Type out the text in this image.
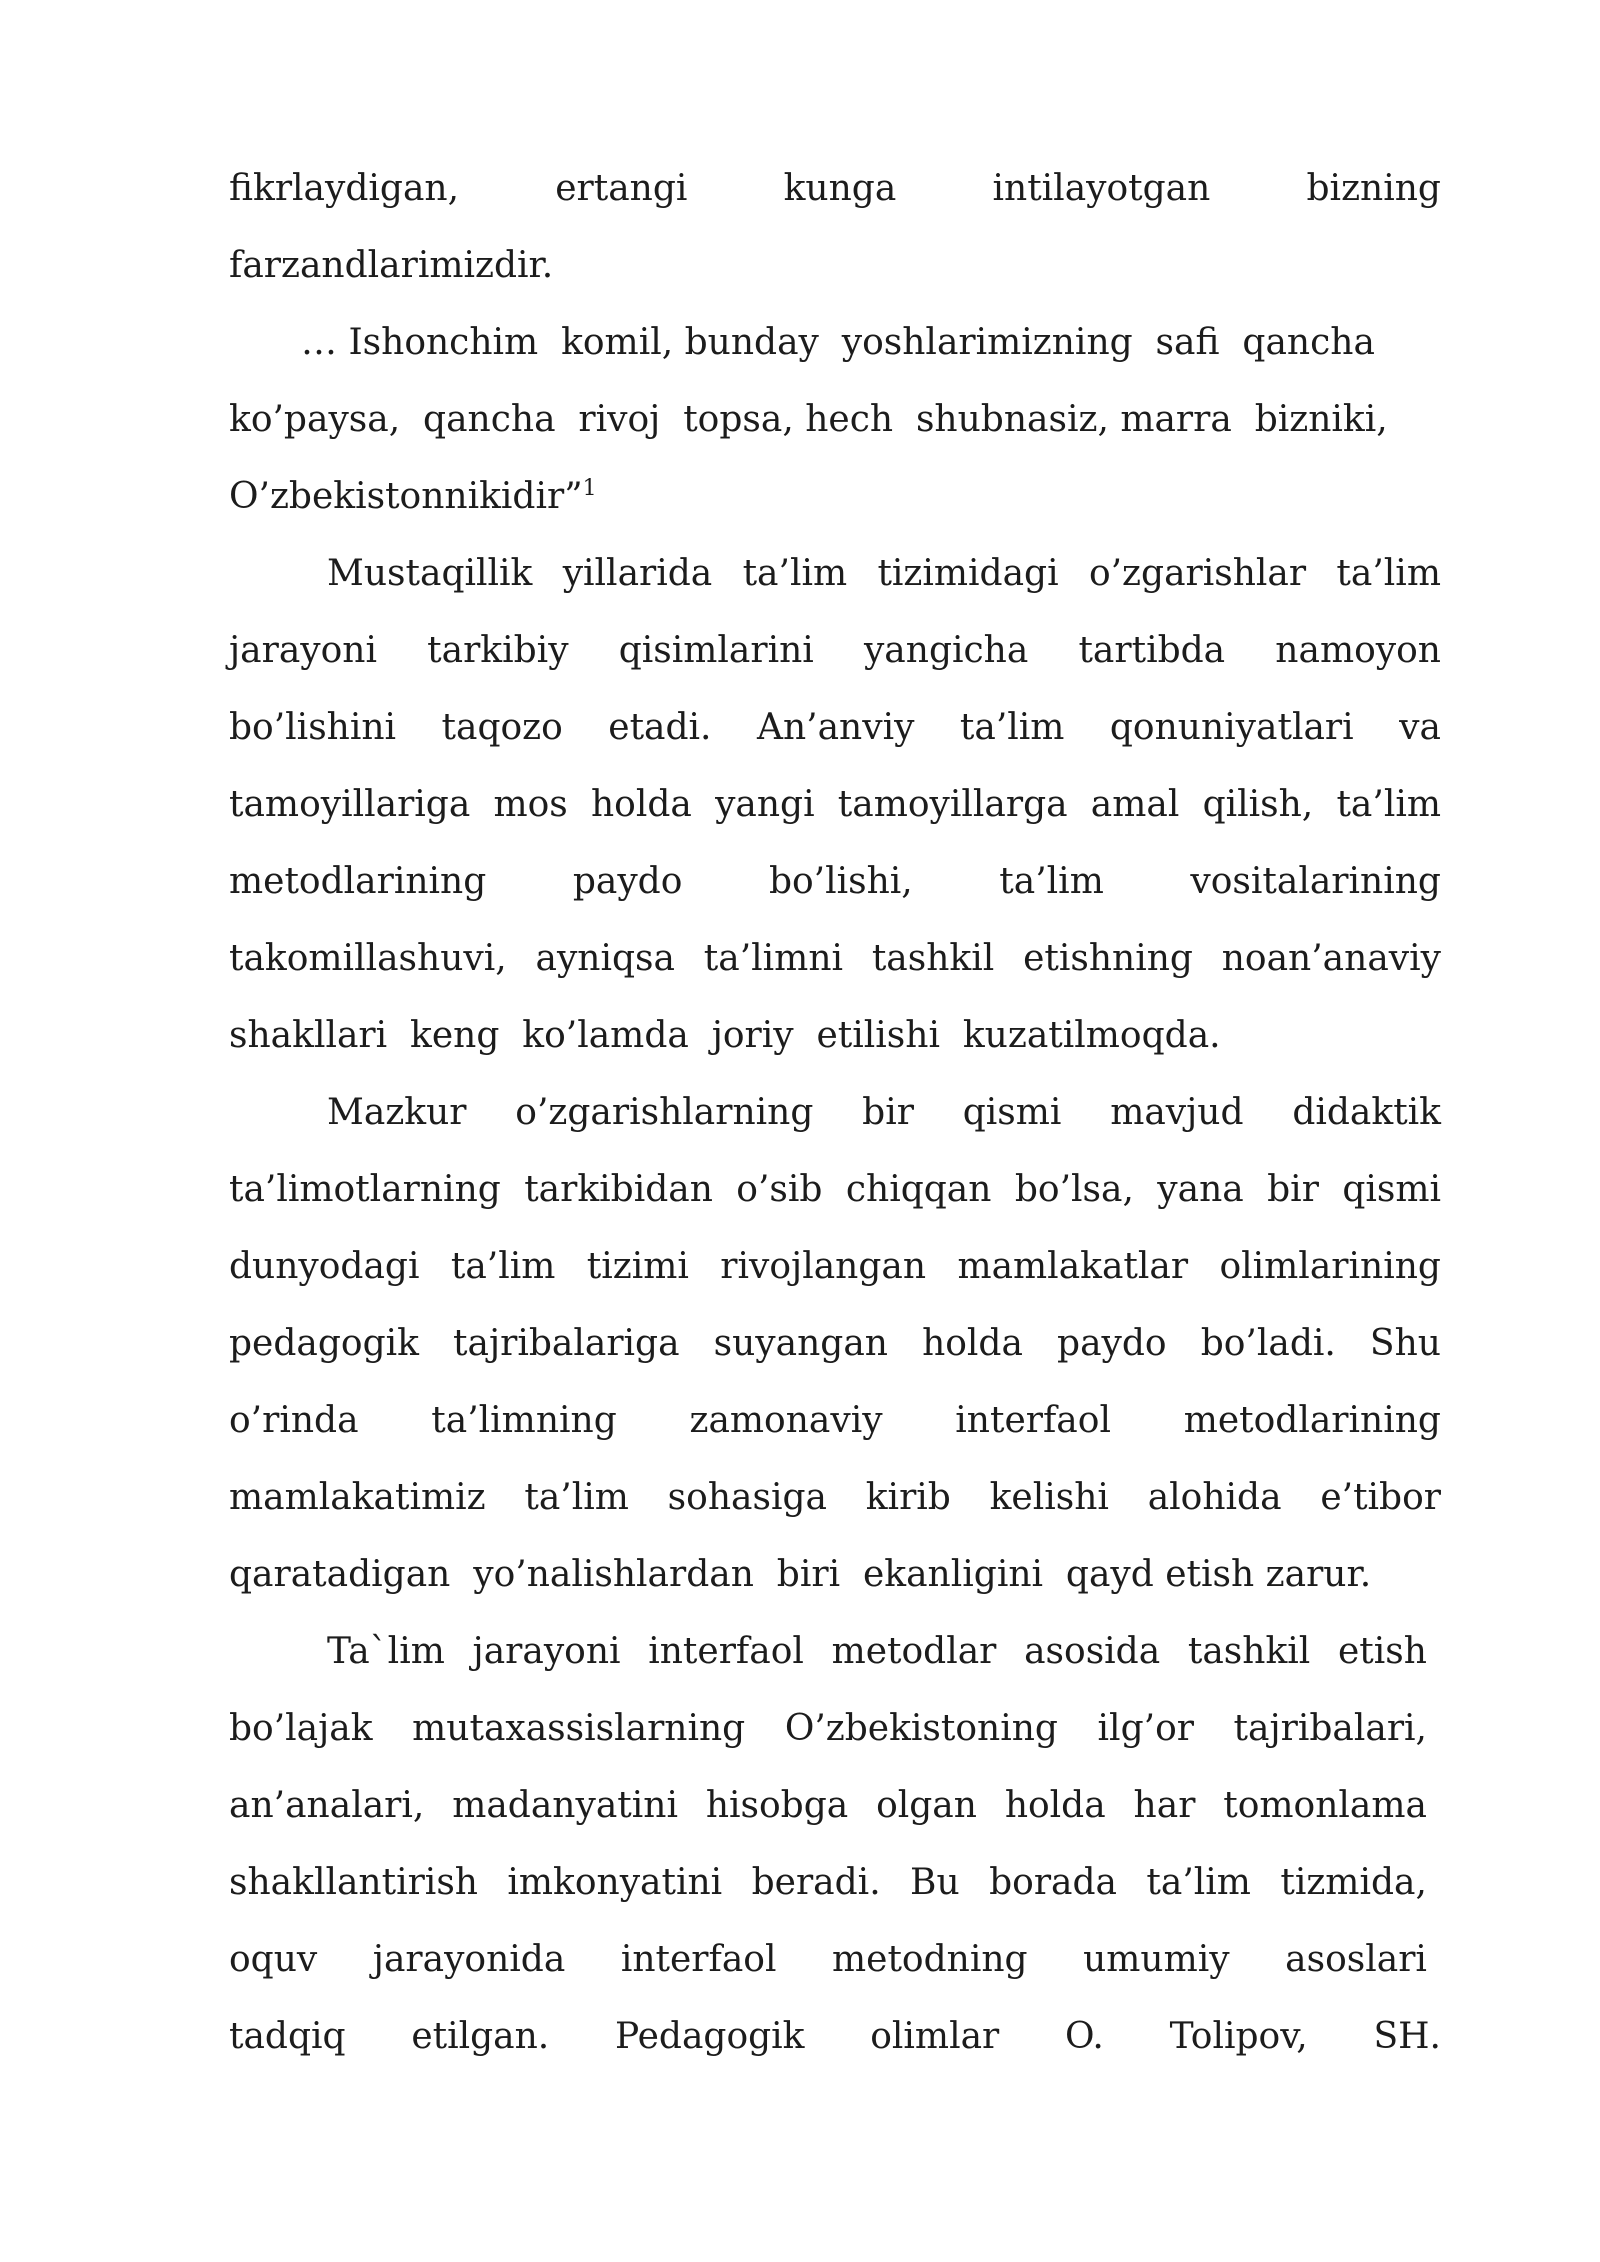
fikrlaydigan,	ertangi	kunga	intilayotgan	bizning
farzandlarimizdir.
… Ishonchim  komil, bunday  yoshlarimizning  safi  qancha
ko’paysa,  qancha  rivoj  topsa, hech  shubnasiz, marra  bizniki,
O’zbekistonnikidir”$^1$
Mustaqillik yillarida ta’lim tizimidagi o’zgarishlar ta’lim
jarayoni tarkibiy qisimlarini yangicha tartibda namoyon
bo’lishini taqozo etadi. An’anviy ta’lim qonuniyatlari va
tamoyillariga mos holda yangi tamoyillarga amal qilish, ta’lim
metodlarining paydo bo’lishi, ta’lim vositalarining
takomillashuvi, ayniqsa ta’limni tashkil etishning noan’anaviy
shakllari  keng  ko’lamda  joriy  etilishi  kuzatilmoqda.
Mazkur o’zgarishlarning bir qismi mavjud didaktik
ta’limotlarning tarkibidan o’sib chiqqan bo’lsa, yana bir qismi
dunyodagi ta’lim tizimi rivojlangan mamlakatlar olimlarining
pedagogik tajribalariga suyangan holda paydo bo’ladi. Shu
o’rinda ta’limning zamonaviy interfaol metodlarining
mamlakatimiz ta’lim sohasiga kirib kelishi alohida e’tibor
qaratadigan  yo’nalishlardan  biri  ekanligini  qayd etish zarur.
Ta`lim jarayoni interfaol metodlar asosida tashkil etish
bo’lajak mutaxassislarning O’zbekistoning ilg’or tajribalari,
an’analari, madanyatini hisobga olgan holda har tomonlama
shakllantirish imkonyatini beradi. Bu borada ta’lim tizmida,
oquv jarayonida interfaol metodning umumiy asoslari
tadqiq etilgan. Pedagogik olimlar O. Tolipov, SH.
